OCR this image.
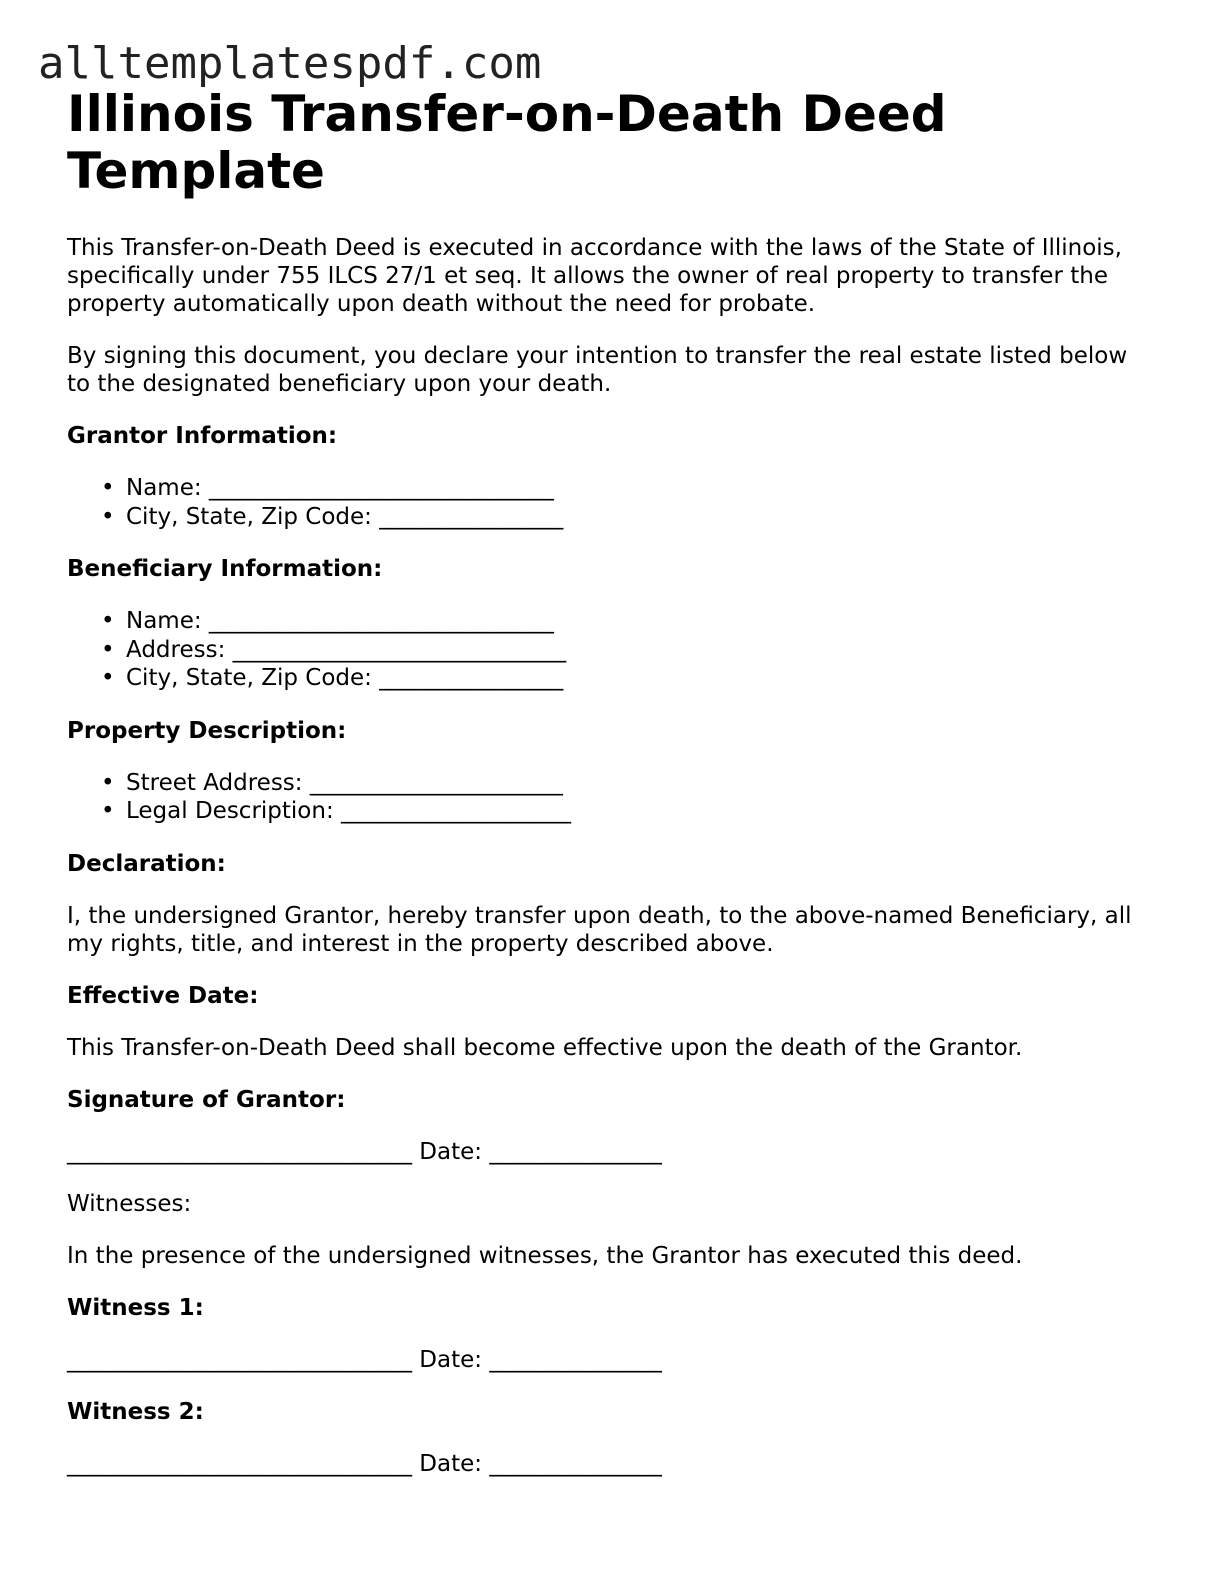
alltemplatespdf.com
Illinois Transfer-on-Death Deed Template

This Transfer-on-Death Deed is executed in accordance with the laws of the State of Illinois, specifically under 755 ILCS 27/1 et seq. It allows the owner of real property to transfer the property automatically upon death without the need for probate.

By signing this document, you declare your intention to transfer the real estate listed below to the designated beneficiary upon your death.

Grantor Information:
• Name: ______________________________
• City, State, Zip Code: ________________
Beneficiary Information:
• Name: ______________________________
• Address: _____________________________
• City, State, Zip Code: ________________
Property Description:
• Street Address: ______________________
• Legal Description: ____________________
Declaration:

I, the undersigned Grantor, hereby transfer upon death, to the above-named Beneficiary, all my rights, title, and interest in the property described above.

Effective Date:

This Transfer-on-Death Deed shall become effective upon the death of the Grantor.

Signature of Grantor:
______________________________ Date: _______________

Witnesses:

In the presence of the undersigned witnesses, the Grantor has executed this deed.

Witness 1:
______________________________ Date: _______________
Witness 2:
______________________________ Date: _______________
